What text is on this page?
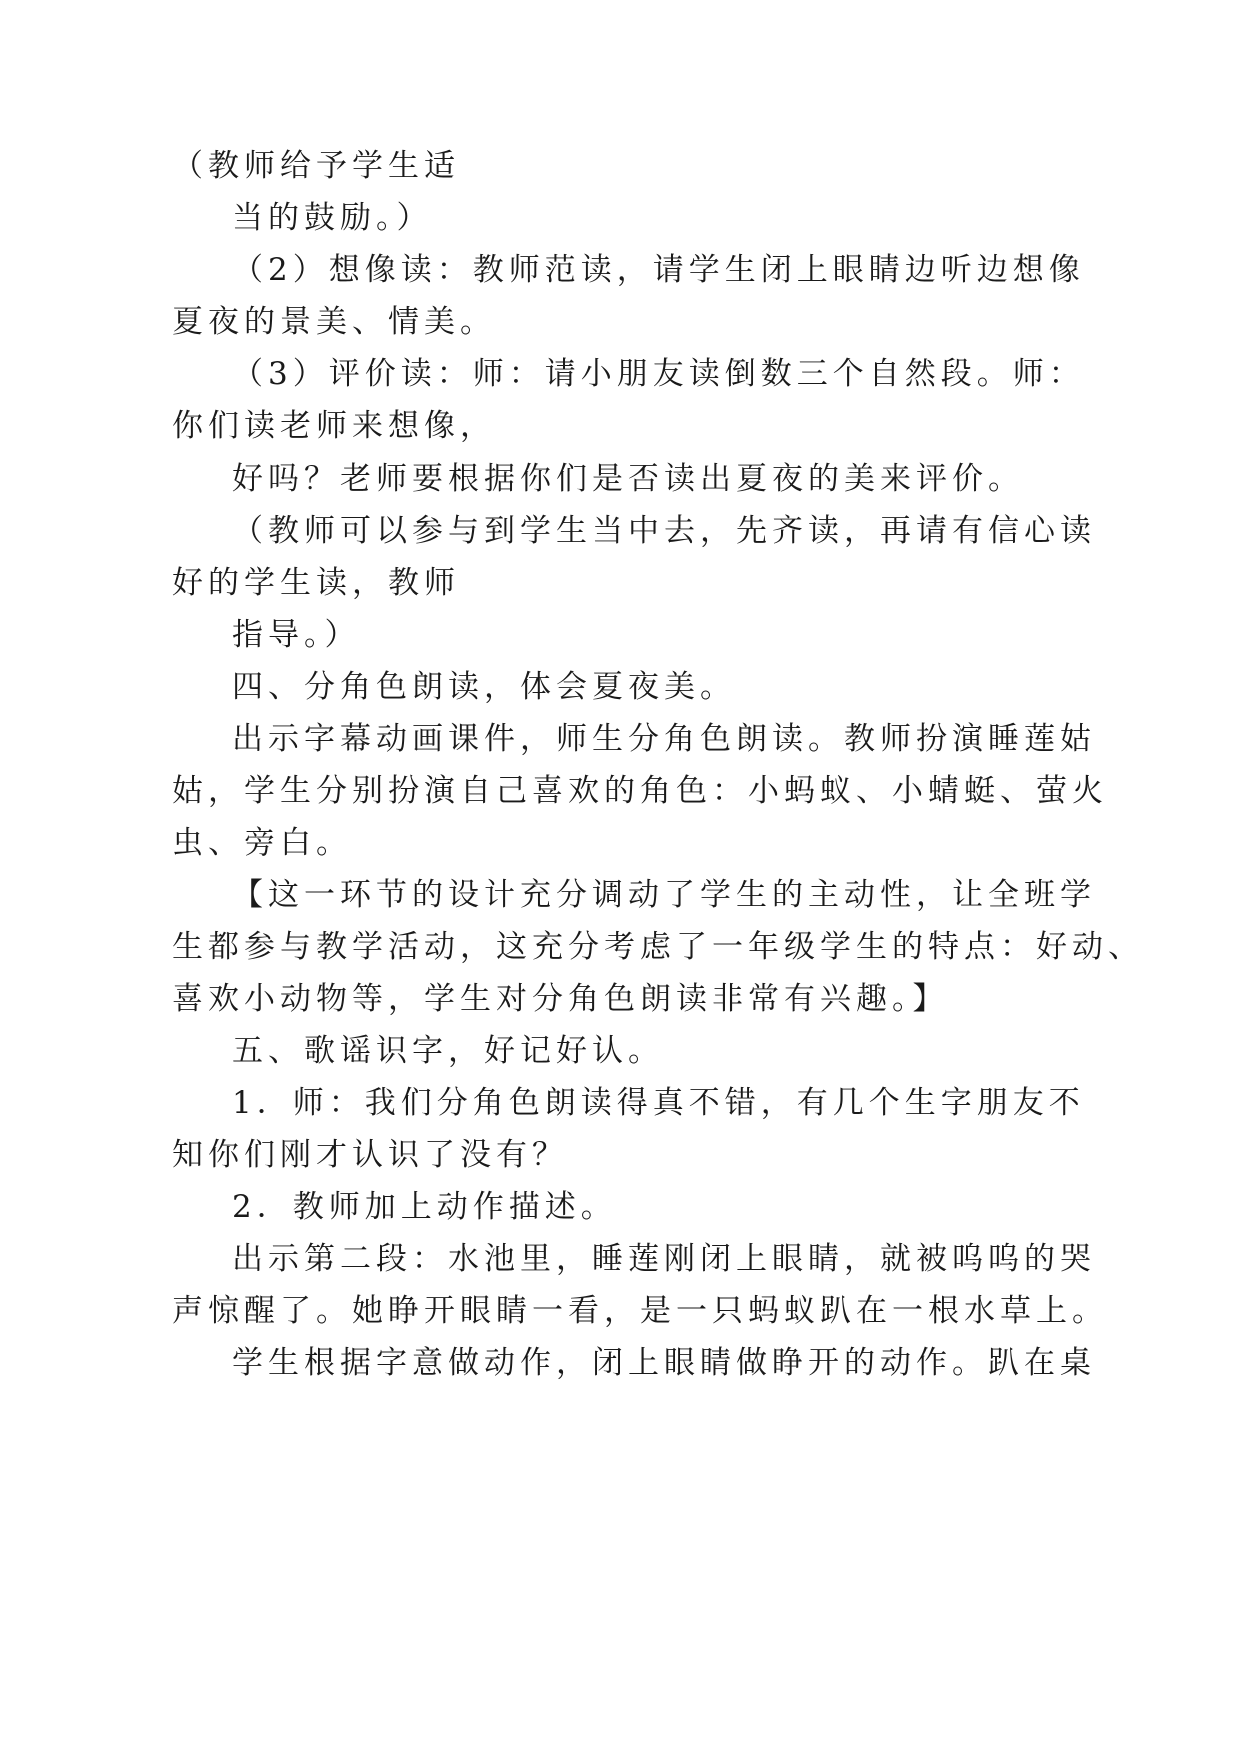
（教师给予学生适
当的鼓励。）
（2）想像读：教师范读，请学生闭上眼睛边听边想像
夏夜的景美、情美。
（3）评价读：师：请小朋友读倒数三个自然段。师：
你们读老师来想像，
好吗？老师要根据你们是否读出夏夜的美来评价。
（教师可以参与到学生当中去，先齐读，再请有信心读
好的学生读，教师
指导。）
四、分角色朗读，体会夏夜美。
出示字幕动画课件，师生分角色朗读。教师扮演睡莲姑
姑，学生分别扮演自己喜欢的角色：小蚂蚁、小蜻蜓、萤火
虫、旁白。
【这一环节的设计充分调动了学生的主动性，让全班学
生都参与教学活动，这充分考虑了一年级学生的特点：好动、
喜欢小动物等，学生对分角色朗读非常有兴趣。】
五、歌谣识字，好记好认。
1．师：我们分角色朗读得真不错，有几个生字朋友不
知你们刚才认识了没有？
2．教师加上动作描述。
出示第二段：水池里，睡莲刚闭上眼睛，就被呜呜的哭
声惊醒了。她睁开眼睛一看，是一只蚂蚁趴在一根水草上。
学生根据字意做动作，闭上眼睛做睁开的动作。趴在桌
